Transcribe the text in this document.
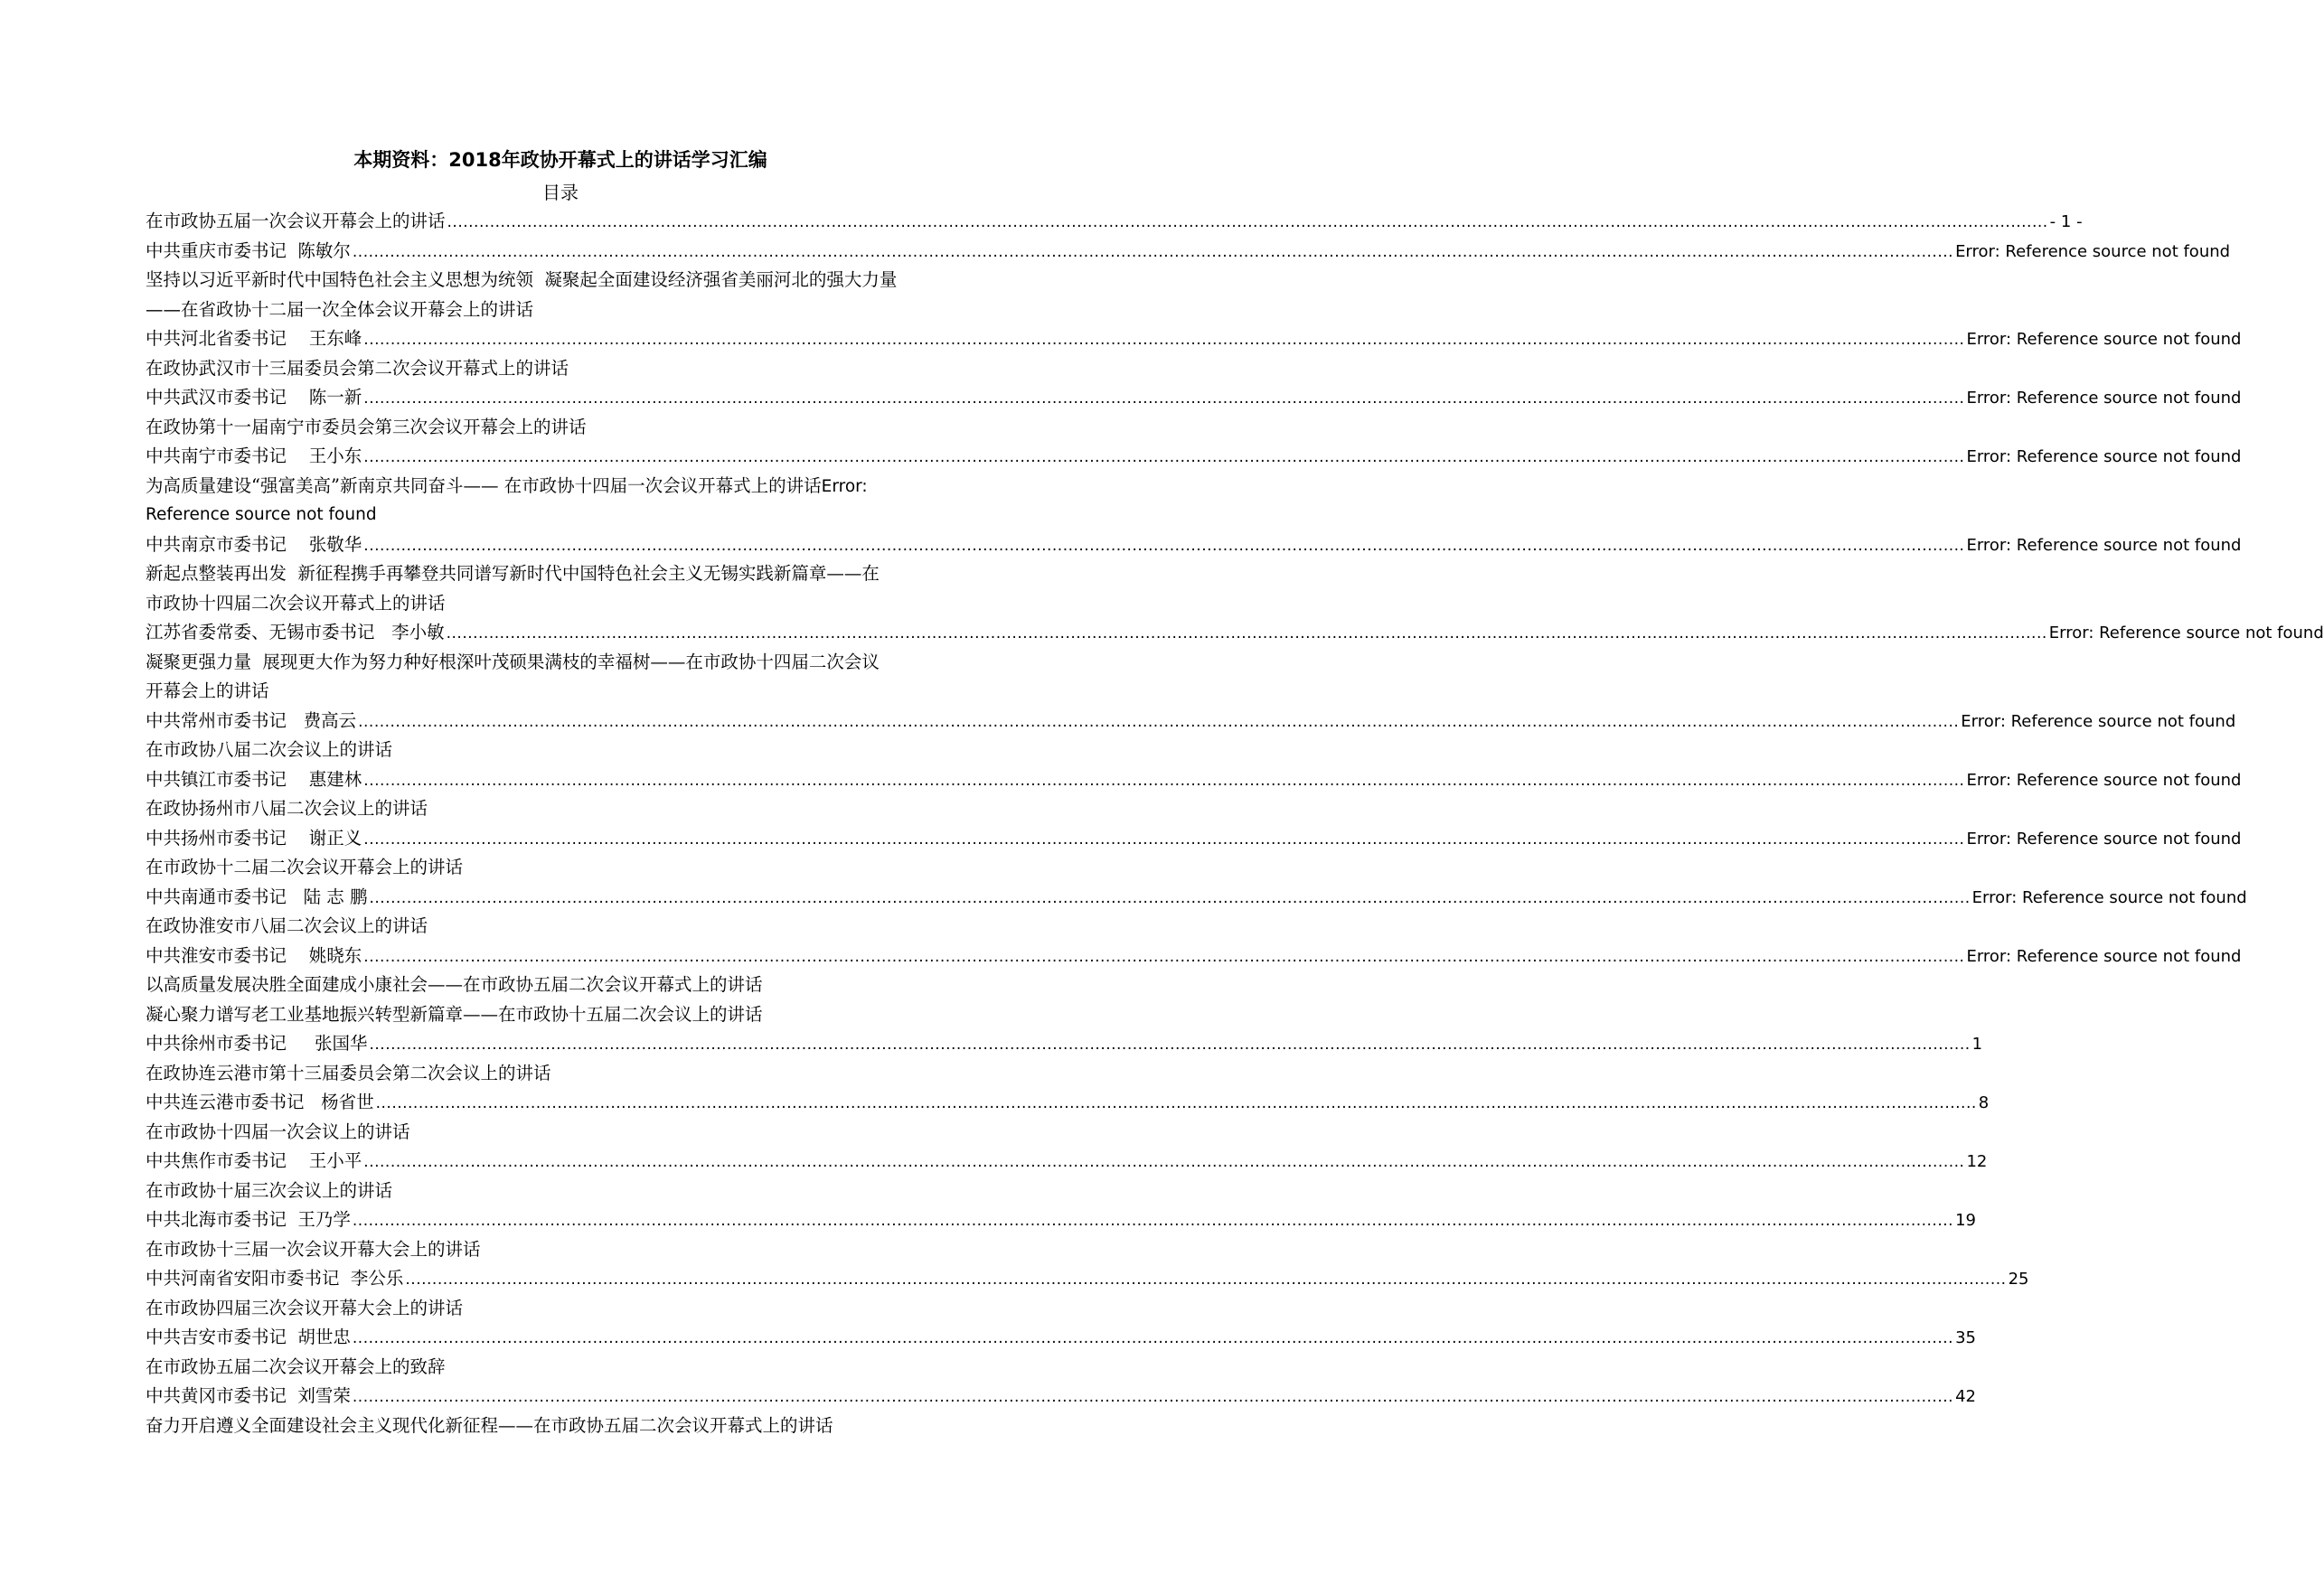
本期资料：2018年政协开幕式上的讲话学习汇编
目录
在市政协五届一次会议开幕会上的讲话 ............................................................................................................................................................................................................................................................................................................ - 1 -
中共重庆市委书记  陈敏尔 ............................................................................................................................................................................................................................................................................................................ Error: Reference source not found
坚持以习近平新时代中国特色社会主义思想为统领  凝聚起全面建设经济强省美丽河北的强大力量
——在省政协十二届一次全体会议开幕会上的讲话
中共河北省委书记    王东峰 ............................................................................................................................................................................................................................................................................................................ Error: Reference source not found
在政协武汉市十三届委员会第二次会议开幕式上的讲话
中共武汉市委书记    陈一新 ............................................................................................................................................................................................................................................................................................................ Error: Reference source not found
在政协第十一届南宁市委员会第三次会议开幕会上的讲话
中共南宁市委书记    王小东 ............................................................................................................................................................................................................................................................................................................ Error: Reference source not found
为高质量建设“强富美高”新南京共同奋斗—— 在市政协十四届一次会议开幕式上的讲话Error:
Reference source not found
中共南京市委书记    张敬华 ............................................................................................................................................................................................................................................................................................................ Error: Reference source not found
新起点整装再出发  新征程携手再攀登共同谱写新时代中国特色社会主义无锡实践新篇章——在
市政协十四届二次会议开幕式上的讲话
江苏省委常委、无锡市委书记   李小敏 ............................................................................................................................................................................................................................................................................................................ Error: Reference source not found
凝聚更强力量  展现更大作为努力种好根深叶茂硕果满枝的幸福树——在市政协十四届二次会议
开幕会上的讲话
中共常州市委书记   费高云 ............................................................................................................................................................................................................................................................................................................ Error: Reference source not found
在市政协八届二次会议上的讲话
中共镇江市委书记    惠建林 ............................................................................................................................................................................................................................................................................................................ Error: Reference source not found
在政协扬州市八届二次会议上的讲话
中共扬州市委书记    谢正义 ............................................................................................................................................................................................................................................................................................................ Error: Reference source not found
在市政协十二届二次会议开幕会上的讲话
中共南通市委书记   陆 志 鹏 ............................................................................................................................................................................................................................................................................................................ Error: Reference source not found
在政协淮安市八届二次会议上的讲话
中共淮安市委书记    姚晓东 ............................................................................................................................................................................................................................................................................................................ Error: Reference source not found
以高质量发展决胜全面建成小康社会——在市政协五届二次会议开幕式上的讲话
凝心聚力谱写老工业基地振兴转型新篇章——在市政协十五届二次会议上的讲话
中共徐州市委书记     张国华 ............................................................................................................................................................................................................................................................................................................ 1
在政协连云港市第十三届委员会第二次会议上的讲话
中共连云港市委书记   杨省世 ............................................................................................................................................................................................................................................................................................................ 8
在市政协十四届一次会议上的讲话
中共焦作市委书记    王小平 ............................................................................................................................................................................................................................................................................................................ 12
在市政协十届三次会议上的讲话
中共北海市委书记  王乃学 ............................................................................................................................................................................................................................................................................................................ 19
在市政协十三届一次会议开幕大会上的讲话
中共河南省安阳市委书记  李公乐 ............................................................................................................................................................................................................................................................................................................ 25
在市政协四届三次会议开幕大会上的讲话
中共吉安市委书记  胡世忠 ............................................................................................................................................................................................................................................................................................................ 35
在市政协五届二次会议开幕会上的致辞
中共黄冈市委书记  刘雪荣 ............................................................................................................................................................................................................................................................................................................ 42
奋力开启遵义全面建设社会主义现代化新征程——在市政协五届二次会议开幕式上的讲话
